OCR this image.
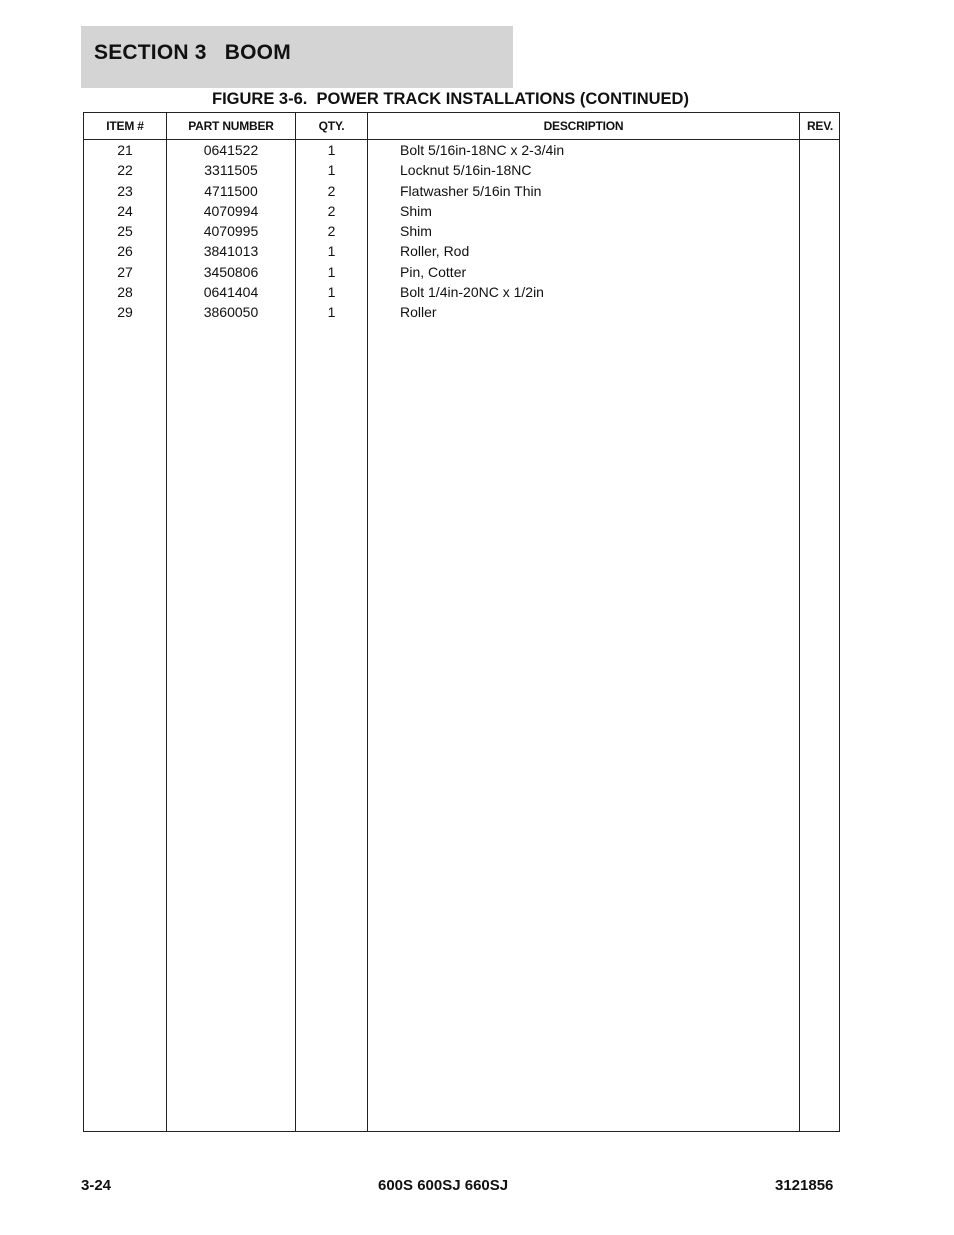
SECTION 3   BOOM
FIGURE 3-6.  POWER TRACK INSTALLATIONS (CONTINUED)
ITEM #	PART NUMBER	QTY.	DESCRIPTION	REV.
21	0641522	1	Bolt 5/16in-18NC x 2-3/4in
22	3311505	1	Locknut 5/16in-18NC
23	4711500	2	Flatwasher 5/16in Thin
24	4070994	2	Shim
25	4070995	2	Shim
26	3841013	1	Roller, Rod
27	3450806	1	Pin, Cotter
28	0641404	1	Bolt 1/4in-20NC x 1/2in
29	3860050	1	Roller
3-24	600S 600SJ 660SJ	3121856
